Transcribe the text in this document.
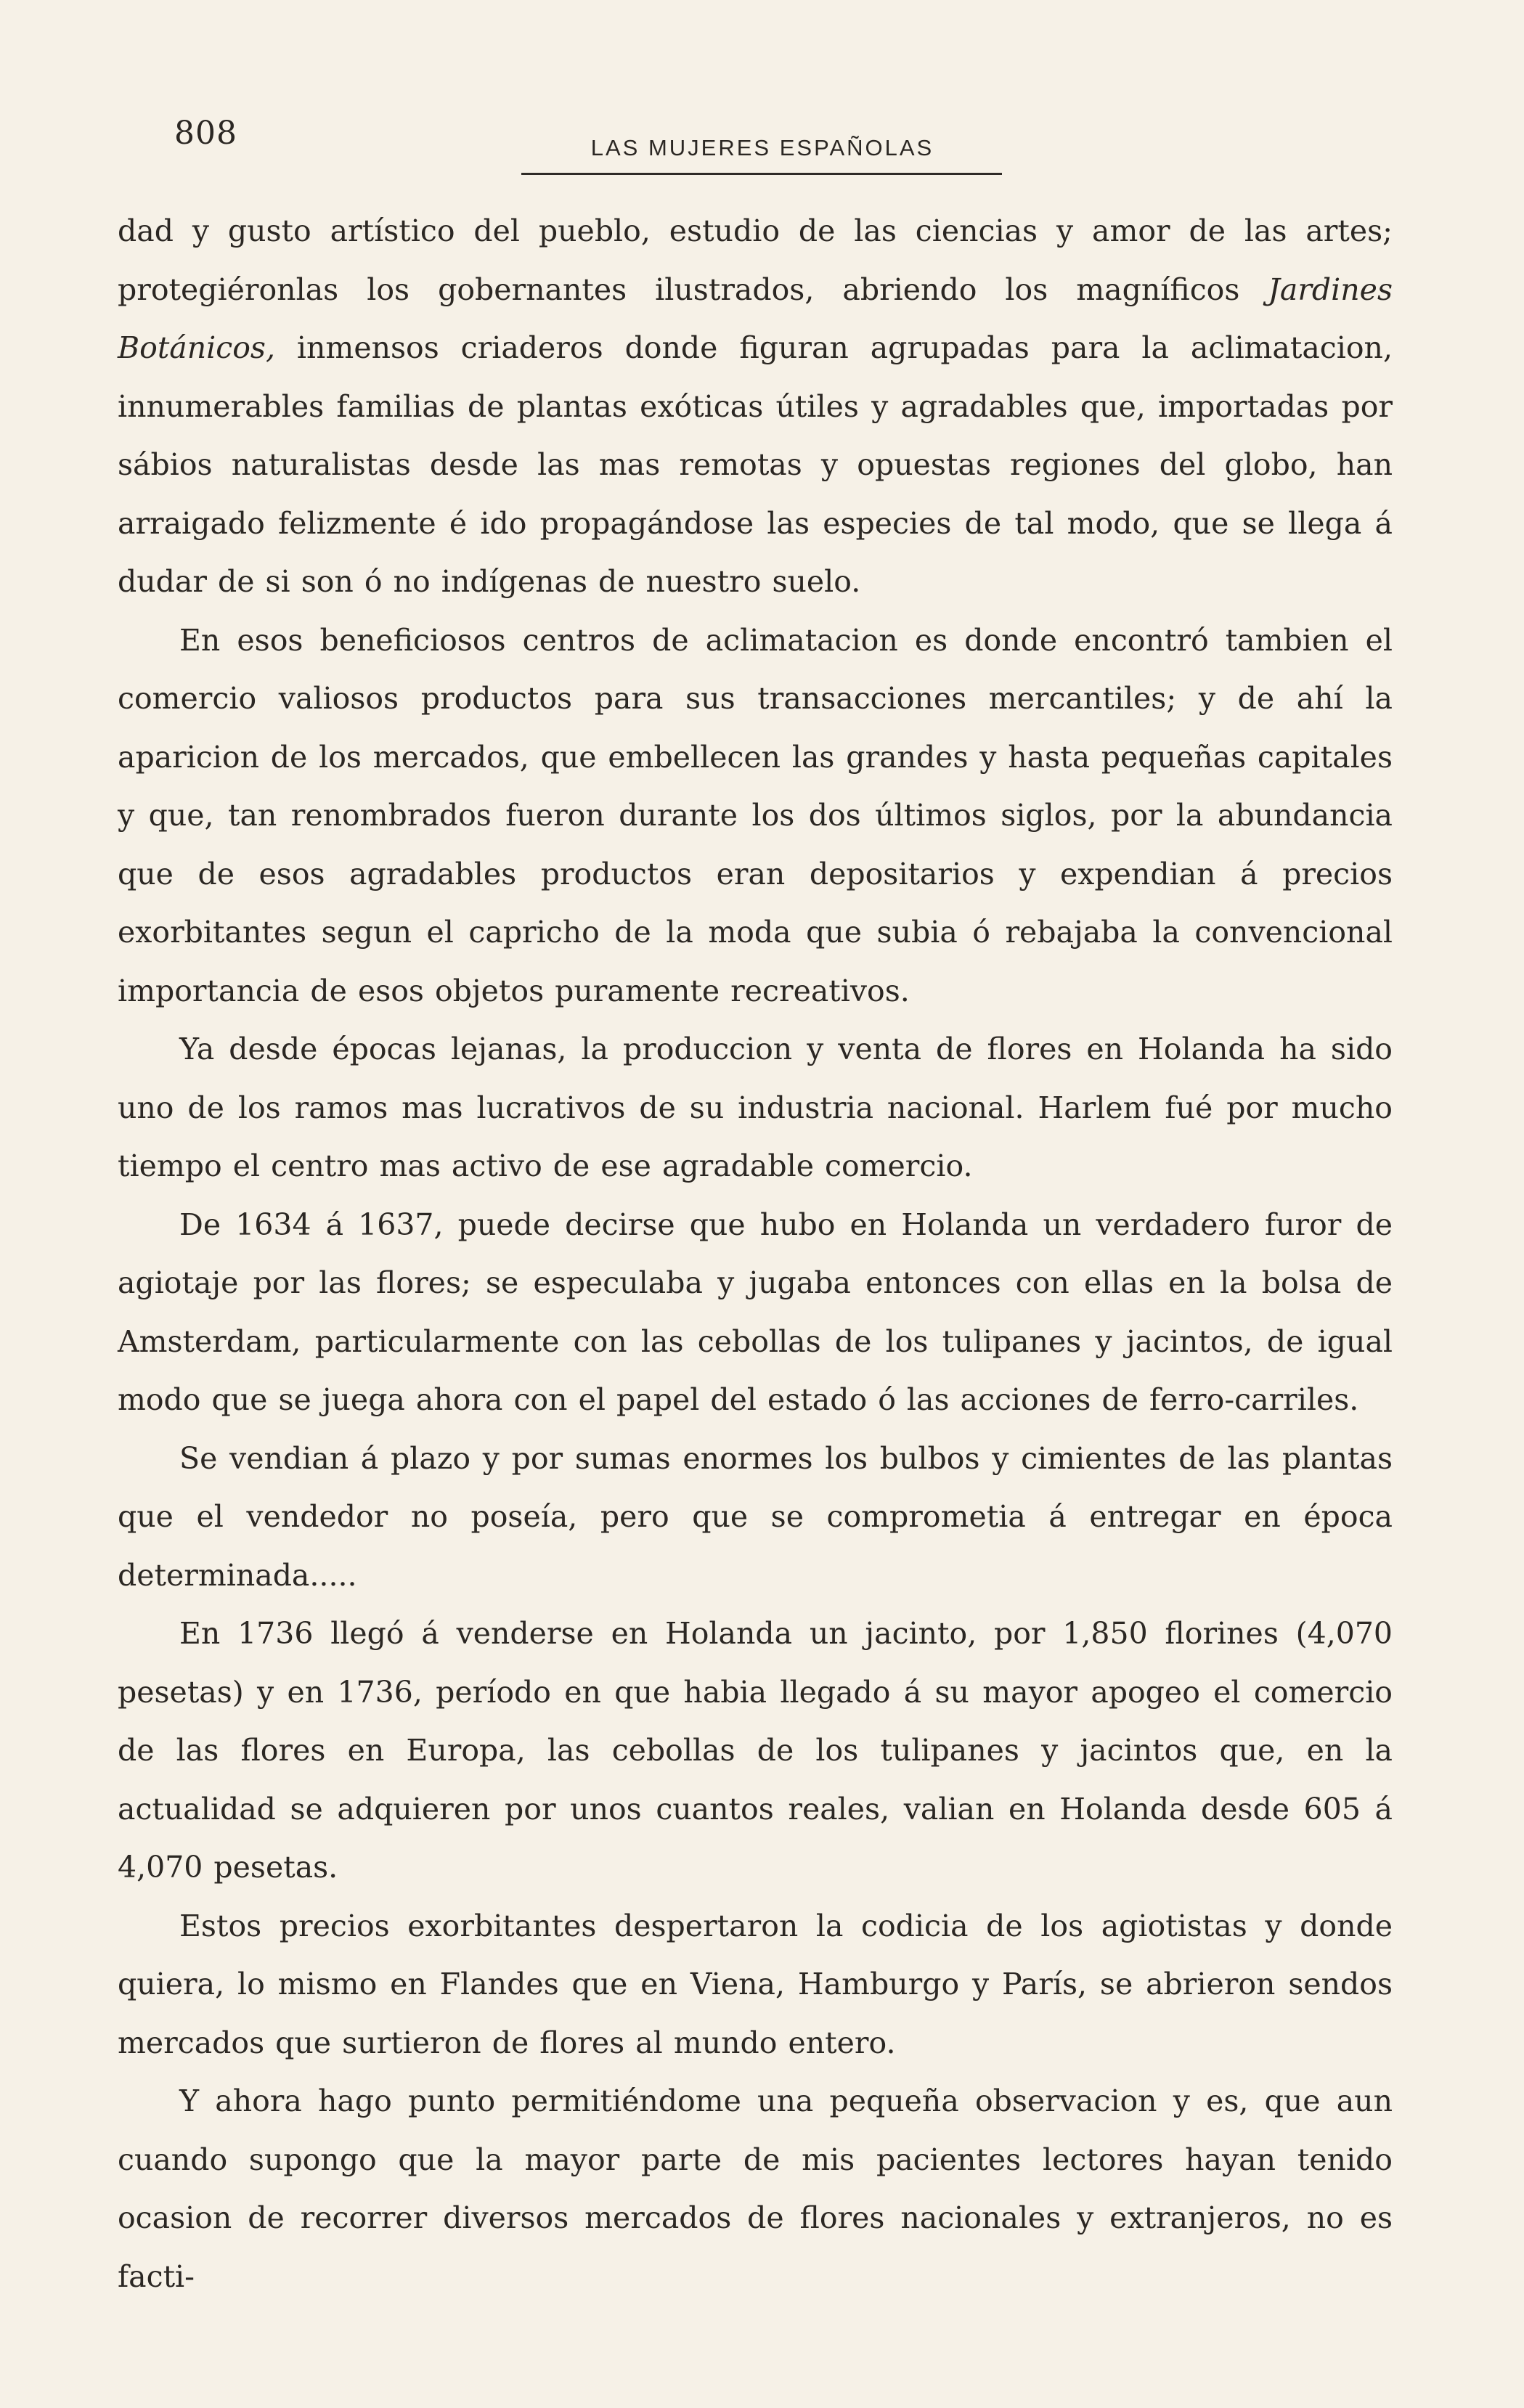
808	LAS MUJERES ESPAÑOLAS

dad y gusto artístico del pueblo, estudio de las ciencias y amor de las artes; protegiéronlas los gobernantes ilustrados, abriendo los magníficos Jardines Botánicos, inmensos criaderos donde figuran agrupadas para la aclimatacion, innumerables familias de plantas exóticas útiles y agradables que, importadas por sábios naturalistas desde las mas remotas y opuestas regiones del globo, han arraigado felizmente é ido propagándose las especies de tal modo, que se llega á dudar de si son ó no indígenas de nuestro suelo.

En esos beneficiosos centros de aclimatacion es donde encontró tambien el comercio valiosos productos para sus transacciones mercantiles; y de ahí la aparicion de los mercados, que embellecen las grandes y hasta pequeñas capitales y que, tan renombrados fueron durante los dos últimos siglos, por la abundancia que de esos agradables productos eran depositarios y expendian á precios exorbitantes segun el capricho de la moda que subia ó rebajaba la convencional importancia de esos objetos puramente recreativos.

Ya desde épocas lejanas, la produccion y venta de flores en Holanda ha sido uno de los ramos mas lucrativos de su industria nacional. Harlem fué por mucho tiempo el centro mas activo de ese agradable comercio.

De 1634 á 1637, puede decirse que hubo en Holanda un verdadero furor de agiotaje por las flores; se especulaba y jugaba entonces con ellas en la bolsa de Amsterdam, particularmente con las cebollas de los tulipanes y jacintos, de igual modo que se juega ahora con el papel del estado ó las acciones de ferro-carriles.

Se vendian á plazo y por sumas enormes los bulbos y cimientes de las plantas que el vendedor no poseía, pero que se comprometia á entregar en época determinada.....

En 1736 llegó á venderse en Holanda un jacinto, por 1,850 florines (4,070 pesetas) y en 1736, período en que habia llegado á su mayor apogeo el comercio de las flores en Europa, las cebollas de los tulipanes y jacintos que, en la actualidad se adquieren por unos cuantos reales, valian en Holanda desde 605 á 4,070 pesetas.

Estos precios exorbitantes despertaron la codicia de los agiotistas y donde quiera, lo mismo en Flandes que en Viena, Hamburgo y París, se abrieron sendos mercados que surtieron de flores al mundo entero.

Y ahora hago punto permitiéndome una pequeña observacion y es, que aun cuando supongo que la mayor parte de mis pacientes lectores hayan tenido ocasion de recorrer diversos mercados de flores nacionales y extranjeros, no es facti-
